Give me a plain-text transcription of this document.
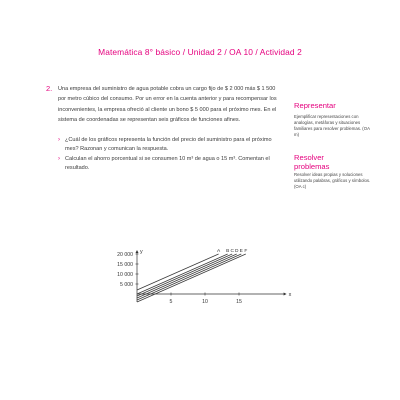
Matemática 8° básico / Unidad 2 / OA 10 / Actividad 2
2. Una empresa del suministro de agua potable cobra un cargo fijo de $ 2 000 más $ 1 500 por metro cúbico del consumo. Por un error en la cuenta anterior y para recompensar los inconvenientes, la empresa ofreció al cliente un bono $ 5 000 para el próximo mes. En el sistema de coordenadas se representan seis gráficos de funciones afines.
› ¿Cuál de los gráficos representa la función del precio del suministro para el próximo mes? Razonan y comunican la respuesta.
› Calculan el ahorro porcentual si se consumen 10 m³ de agua o 15 m³. Comentan el resultado.
Representar
Ejemplificar representaciones con analogías, metáforas y situaciones familiares para resolver problemas. (OA m)
Resolver problemas
Resolver ideas propias y soluciones utilizando palabras, gráficos y símbolos. (OA c)
x
y
5	10	15
5 000
10 000
15 000
20 000
A B C D E F
